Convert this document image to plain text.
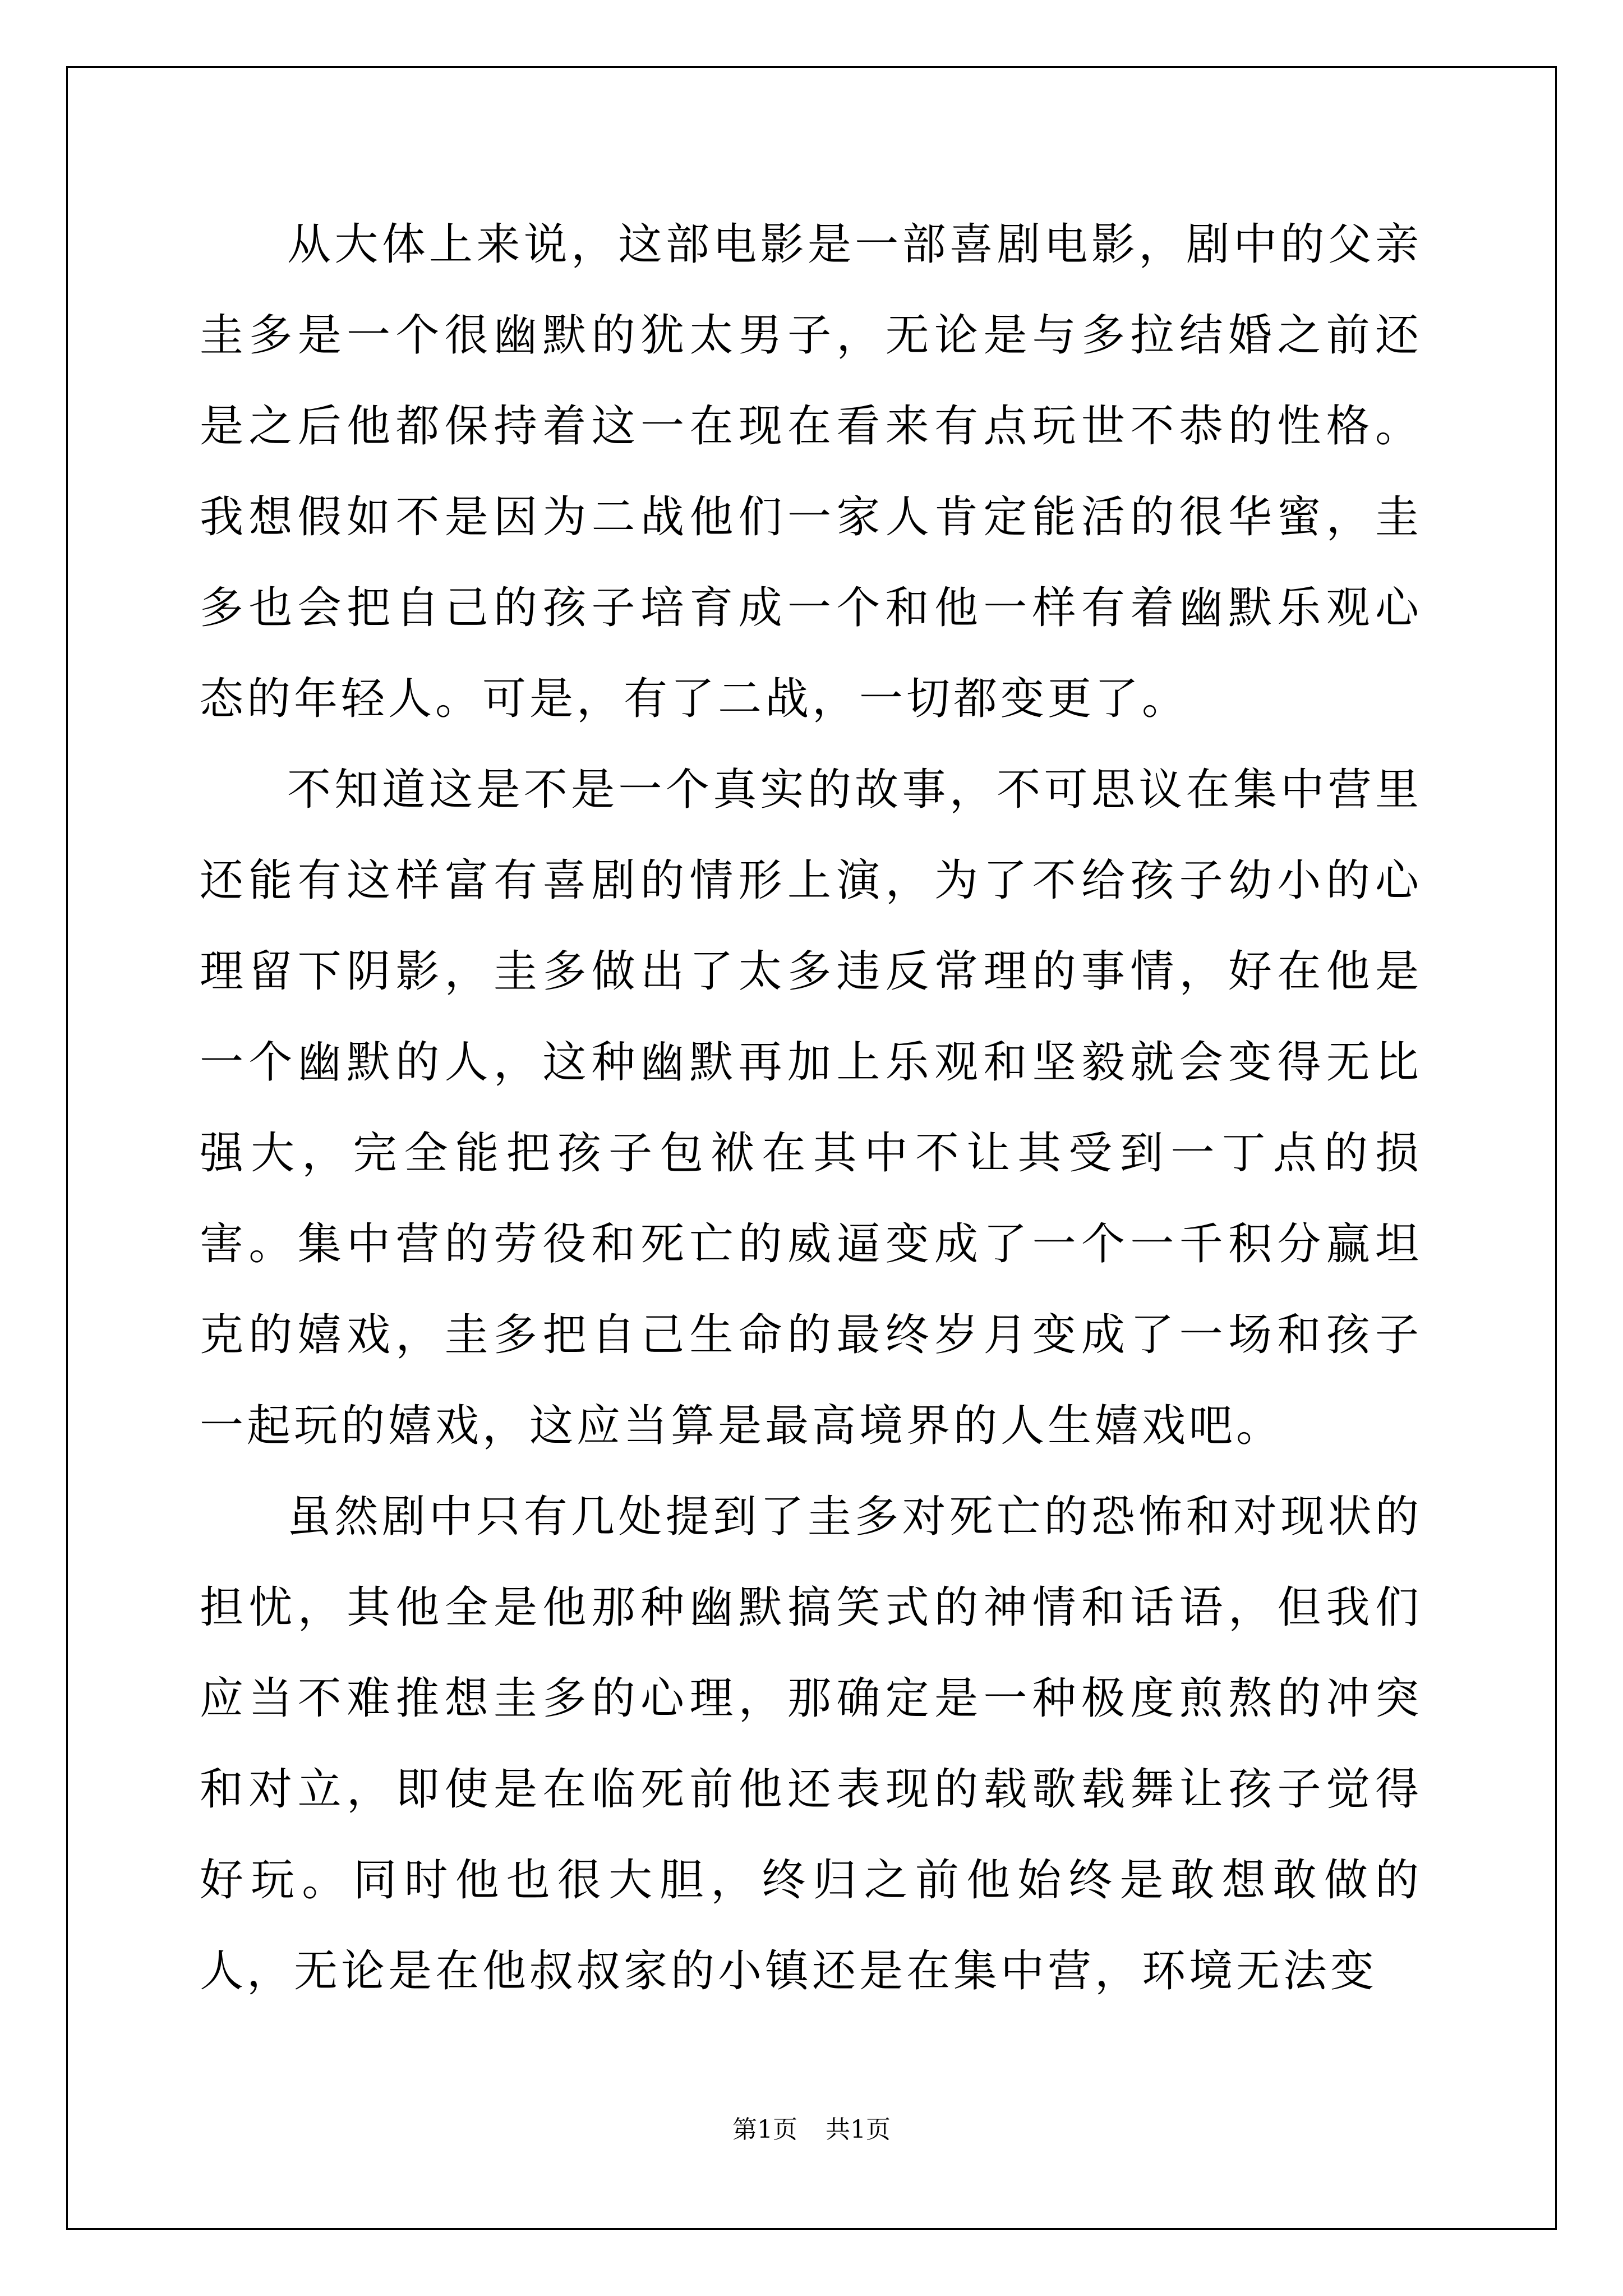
从大体上来说，这部电影是一部喜剧电影，剧中的父亲圭多是一个很幽默的犹太男子，无论是与多拉结婚之前还是之后他都保持着这一在现在看来有点玩世不恭的性格。我想假如不是因为二战他们一家人肯定能活的很华蜜，圭多也会把自己的孩子培育成一个和他一样有着幽默乐观心态的年轻人。可是，有了二战，一切都变更了。

不知道这是不是一个真实的故事，不可思议在集中营里还能有这样富有喜剧的情形上演，为了不给孩子幼小的心理留下阴影，圭多做出了太多违反常理的事情，好在他是一个幽默的人，这种幽默再加上乐观和坚毅就会变得无比强大，完全能把孩子包袱在其中不让其受到一丁点的损害。集中营的劳役和死亡的威逼变成了一个一千积分赢坦克的嬉戏，圭多把自己生命的最终岁月变成了一场和孩子一起玩的嬉戏，这应当算是最高境界的人生嬉戏吧。

虽然剧中只有几处提到了圭多对死亡的恐怖和对现状的担忧，其他全是他那种幽默搞笑式的神情和话语，但我们应当不难推想圭多的心理，那确定是一种极度煎熬的冲突和对立，即使是在临死前他还表现的载歌载舞让孩子觉得好玩。同时他也很大胆，终归之前他始终是敢想敢做的人，无论是在他叔叔家的小镇还是在集中营，环境无法变

第1页 共1页
